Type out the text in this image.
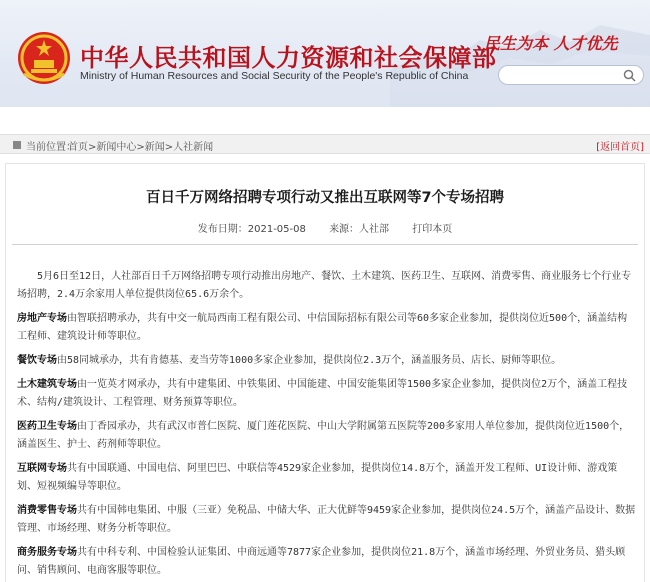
中华人民共和国人力资源和社会保障部
Ministry of Human Resources and Social Security of the People's Republic of China
民生为本 人才优先
当前位置：
首页>新闻中心>新闻>人社新闻	[返回首页]
百日千万网络招聘专项行动又推出互联网等7个专场招聘
发布日期：2021-05-08 来源：人社部 打印本页

　　5月6日至12日，人社部百日千万网络招聘专项行动推出房地产、餐饮、土木建筑、医药卫生、互联网、消费零售、商业服务七个行业专场招聘，2.4万余家用人单位提供岗位65.6万余个。

房地产专场由智联招聘承办，共有中交一航局西南工程有限公司、中信国际招标有限公司等60多家企业参加，提供岗位近500个，涵盖结构工程师、建筑设计师等职位。

餐饮专场由58同城承办，共有肯德基、麦当劳等1000多家企业参加，提供岗位2.3万个，涵盖服务员、店长、厨师等职位。

土木建筑专场由一览英才网承办，共有中建集团、中铁集团、中国能建、中国安能集团等1500多家企业参加，提供岗位2万个，涵盖工程技术、结构/建筑设计、工程管理、财务预算等职位。

医药卫生专场由丁香园承办，共有武汉市普仁医院、厦门莲花医院、中山大学附属第五医院等200多家用人单位参加，提供岗位近1500个，涵盖医生、护士、药剂师等职位。

互联网专场共有中国联通、中国电信、阿里巴巴、中联信等4529家企业参加，提供岗位14.8万个，涵盖开发工程师、UI设计师、游戏策划、短视频编导等职位。

消费零售专场共有中国韩电集团、中服（三亚）免税品、中储大华、正大优鲜等9459家企业参加，提供岗位24.5万个，涵盖产品设计、数据管理、市场经理、财务分析等职位。

商务服务专场共有中科专利、中国检验认证集团、中商远通等7877家企业参加，提供岗位21.8万个，涵盖市场经理、外贸业务员、猎头顾问、销售顾问、电商客服等职位。
